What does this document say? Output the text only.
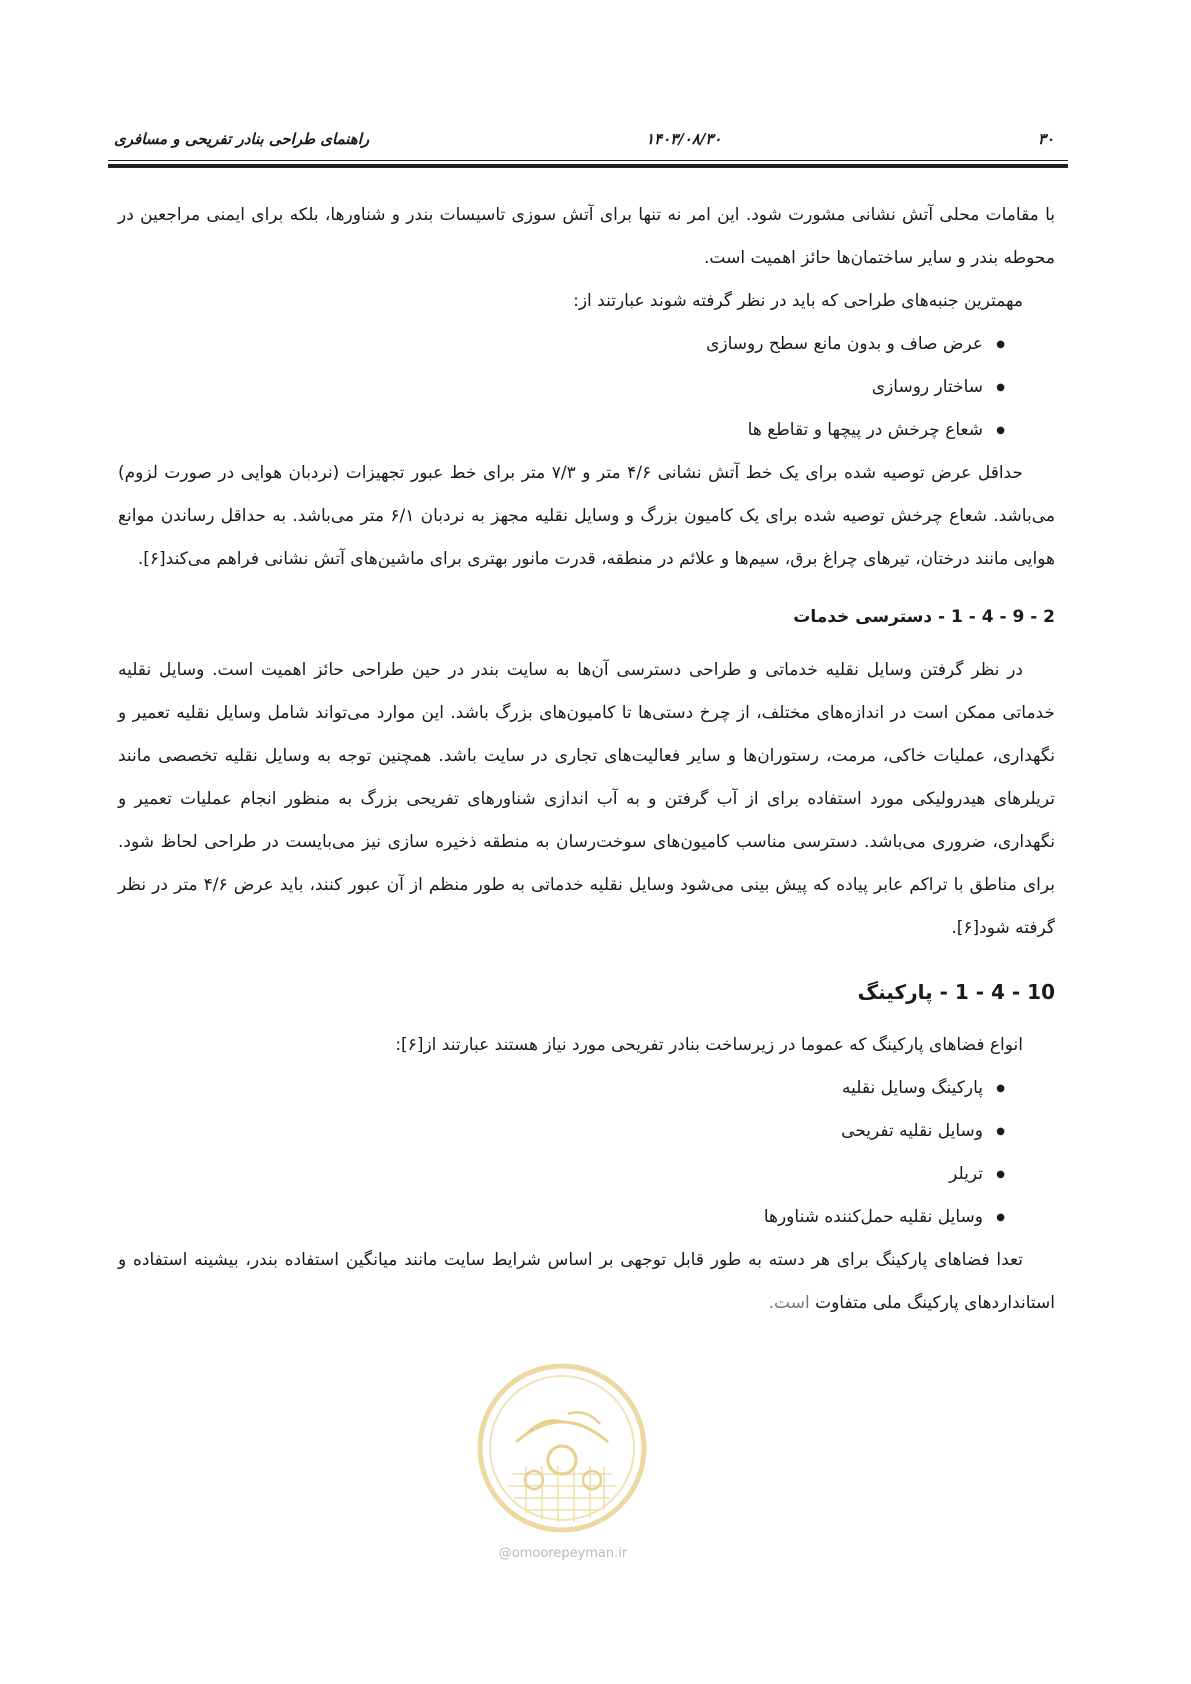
۳۰
۱۴۰۳/۰۸/۳۰
راهنمای طراحی بنادر تفریحی و مسافری

با مقامات محلی آتش نشانی مشورت شود. این امر نه تنها برای آتش سوزی تاسیسات بندر و شناورها، بلکه برای ایمنی مراجعین در محوطه بندر و سایر ساختمان‌ها حائز اهمیت است.

مهمترین جنبه‌های طراحی که باید در نظر گرفته شوند عبارتند از:

● عرض صاف و بدون مانع سطح روسازی
● ساختار روسازی
● شعاع چرخش در پیچها و تقاطع ها

حداقل عرض توصیه شده برای یک خط آتش نشانی ۴/۶ متر و ۷/۳ متر برای خط عبور تجهیزات (نردبان هوایی در صورت لزوم) می‌باشد. شعاع چرخش توصیه شده برای یک کامیون بزرگ و وسایل نقلیه مجهز به نردبان ۶/۱ متر می‌باشد. به حداقل رساندن موانع هوایی مانند درختان، تیرهای چراغ برق، سیم‌ها و علائم در منطقه، قدرت مانور بهتری برای ماشین‌های آتش نشانی فراهم می‌کند[۶].

1 - 4 - 9 - 2 - دسترسی خدمات

در نظر گرفتن وسایل نقلیه خدماتی و طراحی دسترسی آن‌ها به سایت بندر در حین طراحی حائز اهمیت است. وسایل نقلیه خدماتی ممکن است در اندازه‌های مختلف، از چرخ دستی‌ها تا کامیون‌های بزرگ باشد. این موارد می‌تواند شامل وسایل نقلیه تعمیر و نگهداری، عملیات خاکی، مرمت، رستوران‌ها و سایر فعالیت‌های تجاری در سایت باشد. همچنین توجه به وسایل نقلیه تخصصی مانند تریلرهای هیدرولیکی مورد استفاده برای از آب گرفتن و به آب اندازی شناورهای تفریحی بزرگ به منظور انجام عملیات تعمیر و نگهداری، ضروری می‌باشد. دسترسی مناسب کامیون‌های سوخت‌رسان به منطقه ذخیره سازی نیز می‌بایست در طراحی لحاظ شود. برای مناطق با تراکم عابر پیاده که پیش بینی می‌شود وسایل نقلیه خدماتی به طور منظم از آن عبور کنند، باید عرض ۴/۶ متر در نظر گرفته شود[۶].

1 - 4 - 10 - پارکینگ

انواع فضاهای پارکینگ که عموما در زیرساخت بنادر تفریحی مورد نیاز هستند عبارتند از[۶]:

● پارکینگ وسایل نقلیه
● وسایل نقلیه تفریحی
● تریلر
● وسایل نقلیه حمل‌کننده شناورها

تعدا فضاهای پارکینگ برای هر دسته به طور قابل توجهی بر اساس شرایط سایت مانند میانگین استفاده بندر، بیشینه استفاده و استانداردهای پارکینگ ملی متفاوت است.

@omoorepeyman.ir
